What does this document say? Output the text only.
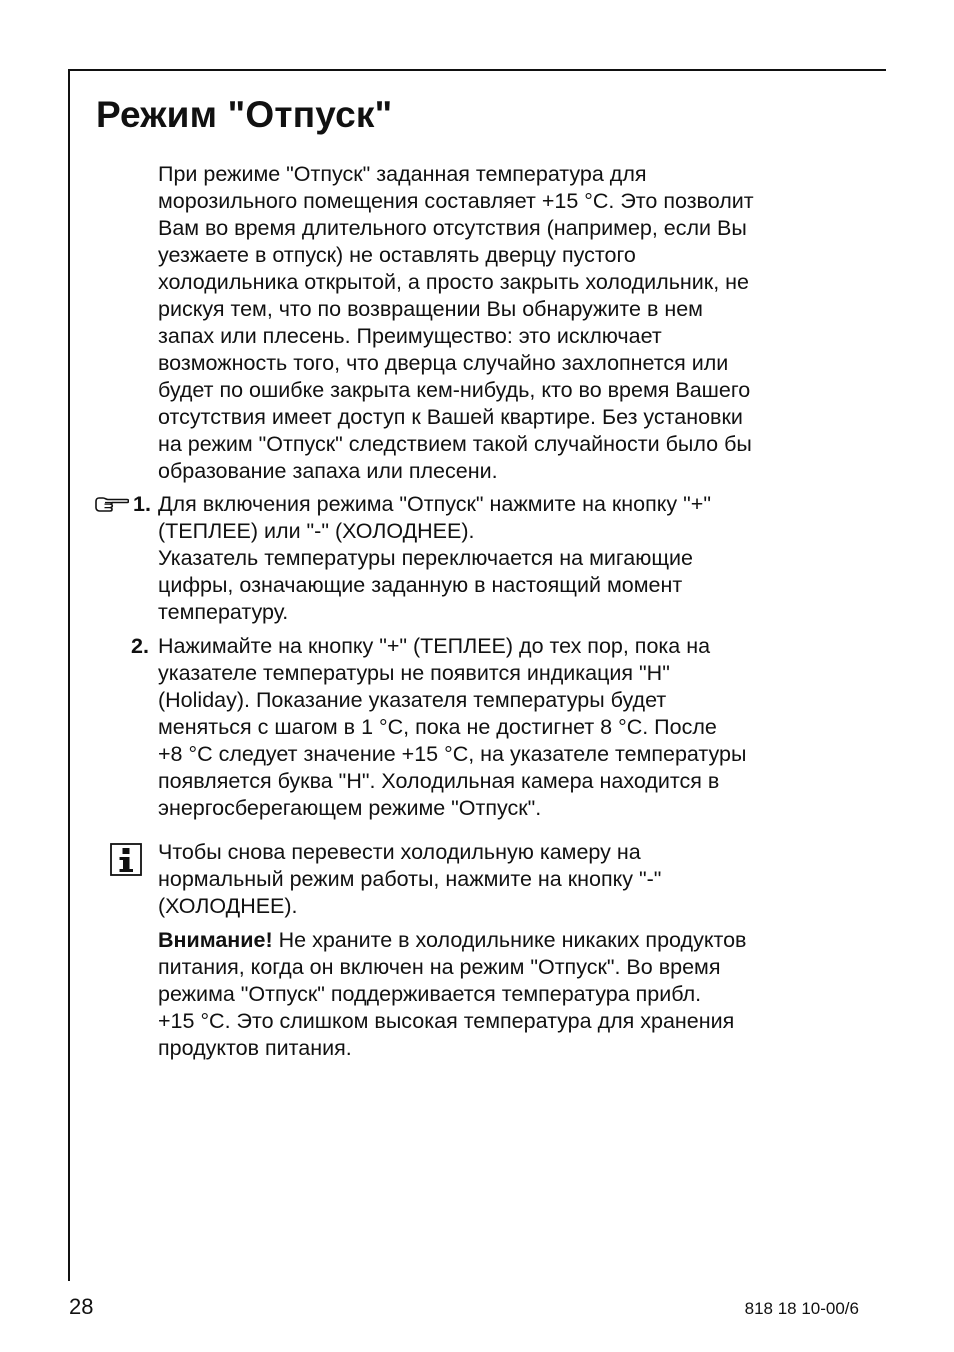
Режим "Отпуск"

При режиме "Отпуск" заданная температура для

морозильного помещения составляет +15 °С. Это позволит

Вам во время длительного отсутствия (например, если Вы

уезжаете в отпуск) не оставлять дверцу пустого

холодильника открытой, а просто закрыть холодильник, не

рискуя тем, что по возвращении Вы обнаружите в нем

запах или плесень. Преимущество: это исключает

возможность того, что дверца случайно захлопнется или

будет по ошибке закрыта кем-нибудь, кто во время Вашего

отсутствия имеет доступ к Вашей квартире. Без установки

на режим "Отпуск" следствием такой случайности было бы

образование запаха или плесени.

1. Для включения режима "Отпуск" нажмите на кнопку "+"

(ТЕПЛЕЕ) или "-" (ХОЛОДНЕЕ).

Указатель температуры переключается на мигающие

цифры, означающие заданную в настоящий момент

температуру.

2. Нажимайте на кнопку "+" (ТЕПЛЕЕ) до тех пор, пока на

указателе температуры не появится индикация "Н"

(Holiday). Показание указателя температуры будет

меняться с шагом в 1 °С, пока не достигнет 8 °С. После

+8 °С следует значение +15 °С, на указателе температуры

появляется буква "Н". Холодильная камера находится в

энергосберегающем режиме "Отпуск".

Чтобы снова перевести холодильную камеру на

нормальный режим работы, нажмите на кнопку "-"

(ХОЛОДНЕЕ).

Внимание! Не храните в холодильнике никаких продуктов

питания, когда он включен на режим "Отпуск". Во время

режима "Отпуск" поддерживается температура прибл.

+15 °С. Это слишком высокая температура для хранения

продуктов питания.

28	818 18 10-00/6
